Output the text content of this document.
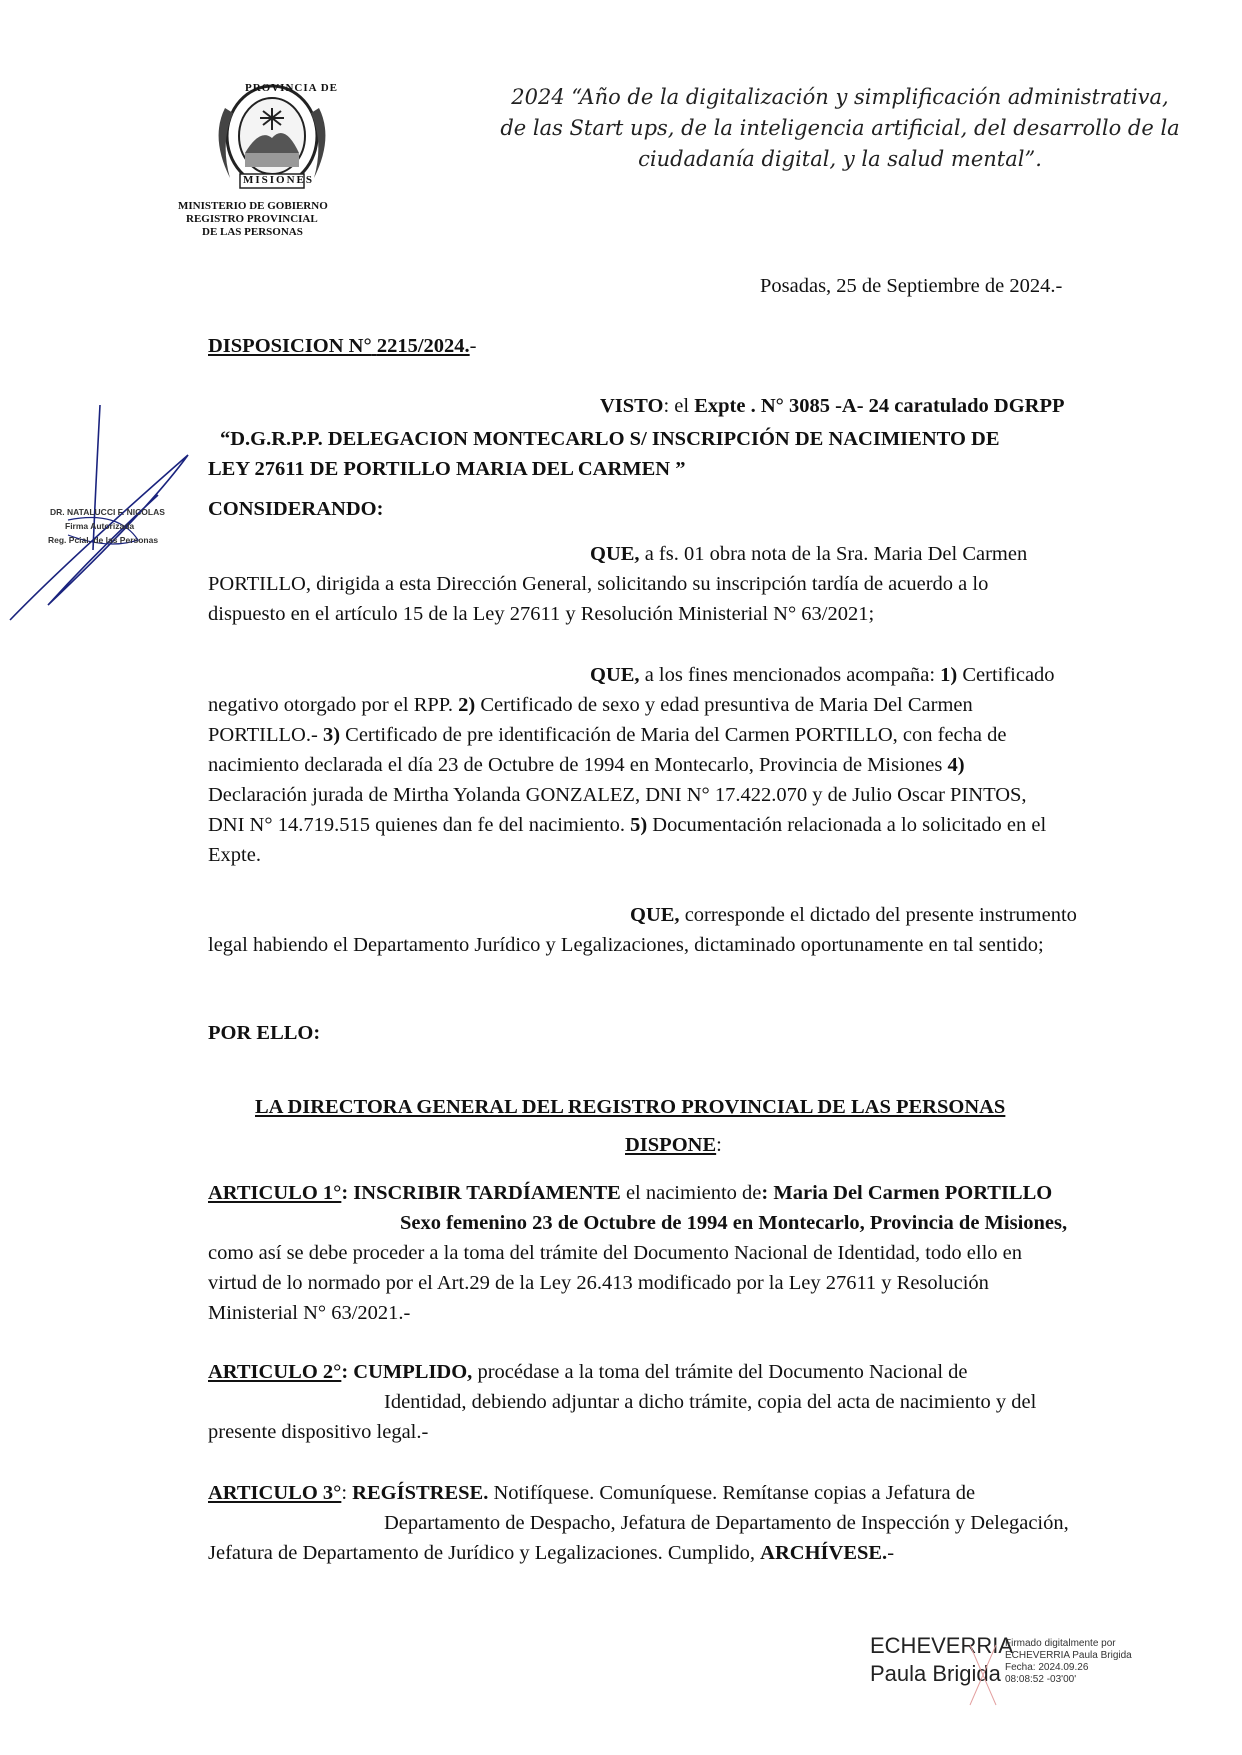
PROVINCIA DE
MISIONES
MINISTERIO DE GOBIERNO
REGISTRO PROVINCIAL
DE LAS PERSONAS
2024 “Año de la digitalización y simplificación administrativa,
de las Start ups, de la inteligencia artificial, del desarrollo de la
ciudadanía digital, y la salud mental”.
Posadas, 25 de Septiembre de 2024.-
DISPOSICION N° 2215/2024.-
VISTO: el Expte . N° 3085 -A- 24 caratulado DGRPP
“D.G.R.P.P. DELEGACION MONTECARLO S/ INSCRIPCIÓN DE NACIMIENTO DE
LEY 27611 DE PORTILLO MARIA DEL CARMEN ”
CONSIDERANDO:
DR. NATALUCCI F. NICOLAS
Firma Autorizada
Reg. Pcial. de las Personas
QUE, a fs. 01 obra nota de la Sra. Maria Del Carmen
PORTILLO, dirigida a esta Dirección General, solicitando su inscripción tardía de acuerdo a lo
dispuesto en el artículo 15 de la Ley 27611 y Resolución Ministerial N° 63/2021;
QUE, a los fines mencionados acompaña: 1) Certificado
negativo otorgado por el RPP. 2) Certificado de sexo y edad presuntiva de Maria Del Carmen
PORTILLO.- 3) Certificado de pre identificación de Maria del Carmen PORTILLO, con fecha de
nacimiento declarada el día 23 de Octubre de 1994 en Montecarlo, Provincia de Misiones 4)
Declaración jurada de Mirtha Yolanda GONZALEZ, DNI N° 17.422.070 y de Julio Oscar PINTOS,
DNI N° 14.719.515 quienes dan fe del nacimiento. 5) Documentación relacionada a lo solicitado en el
Expte.
QUE, corresponde el dictado del presente instrumento
legal habiendo el Departamento Jurídico y Legalizaciones, dictaminado oportunamente en tal sentido;
POR ELLO:
LA DIRECTORA GENERAL DEL REGISTRO PROVINCIAL DE LAS PERSONAS
DISPONE:
ARTICULO 1°: INSCRIBIR TARDÍAMENTE el nacimiento de: Maria Del Carmen PORTILLO
Sexo femenino 23 de Octubre de 1994 en Montecarlo, Provincia de Misiones,
como así se debe proceder a la toma del trámite del Documento Nacional de Identidad, todo ello en
virtud de lo normado por el Art.29 de la Ley 26.413 modificado por la Ley 27611 y Resolución
Ministerial N° 63/2021.-
ARTICULO 2°: CUMPLIDO, procédase a la toma del trámite del Documento Nacional de
Identidad, debiendo adjuntar a dicho trámite, copia del acta de nacimiento y del
presente dispositivo legal.-
ARTICULO 3°: REGÍSTRESE. Notifíquese. Comuníquese. Remítanse copias a Jefatura de
Departamento de Despacho, Jefatura de Departamento de Inspección y Delegación,
Jefatura de Departamento de Jurídico y Legalizaciones. Cumplido, ARCHÍVESE.-
ECHEVERRIA
Paula Brigida
Firmado digitalmente por
ECHEVERRIA Paula Brigida
Fecha: 2024.09.26
08:08:52 -03'00'
